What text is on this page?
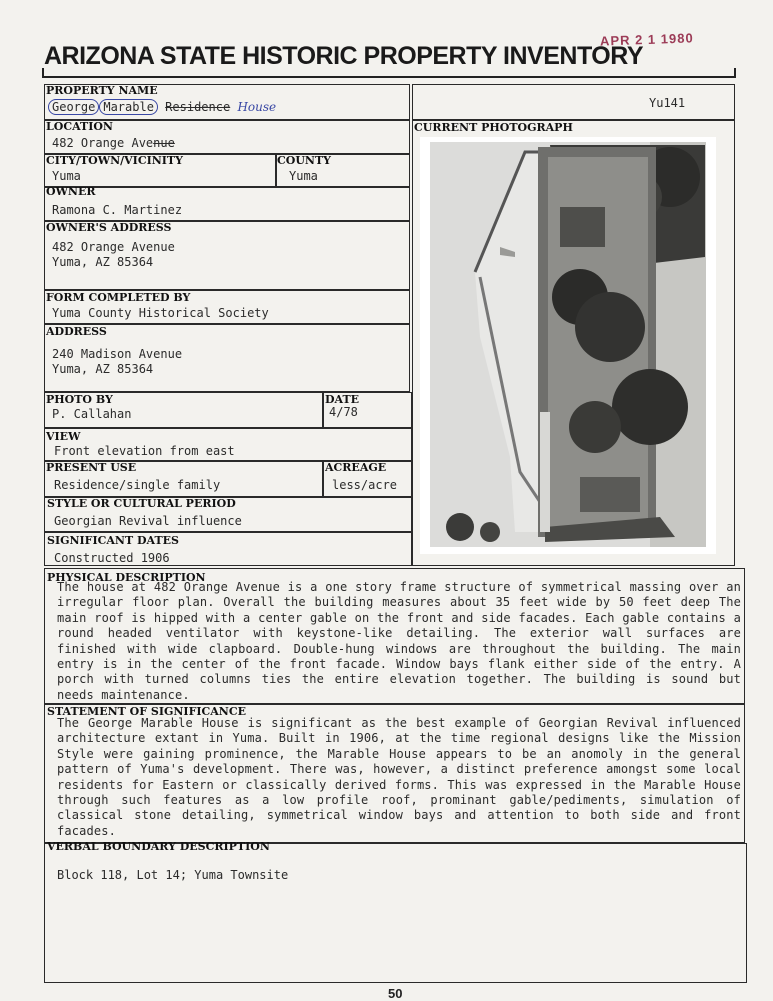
ARIZONA STATE HISTORIC PROPERTY INVENTORY
APR 2 1 1980
PROPERTY NAME
George Marable Residence House	Yu141
LOCATION
482 Orange Avenue
CITY/TOWN/VICINITY
Yuma
COUNTY
Yuma
OWNER
Ramona C. Martinez
OWNER'S ADDRESS
482 Orange Avenue
Yuma, AZ 85364
FORM COMPLETED BY
Yuma County Historical Society
ADDRESS
240 Madison Avenue
Yuma, AZ 85364
PHOTO BY
P. Callahan
DATE
4/78
VIEW
Front elevation from east
PRESENT USE
Residence/single family
ACREAGE
less/acre
STYLE OR CULTURAL PERIOD
Georgian Revival influence
SIGNIFICANT DATES
Constructed 1906
CURRENT PHOTOGRAPH
PHYSICAL DESCRIPTION
The house at 482 Orange Avenue is a one story frame structure of symmetrical massing over an irregular floor plan. Overall the building measures about 35 feet wide by 50 feet deep The main roof is hipped with a center gable on the front and side facades. Each gable contains a round headed ventilator with keystone-like detailing. The exterior wall surfaces are finished with wide clapboard. Double-hung windows are throughout the building. The main entry is in the center of the front facade. Window bays flank either side of the entry. A porch with turned columns ties the entire elevation together. The building is sound but needs maintenance.
STATEMENT OF SIGNIFICANCE
The George Marable House is significant as the best example of Georgian Revival influenced architecture extant in Yuma. Built in 1906, at the time regional designs like the Mission Style were gaining prominence, the Marable House appears to be an anomoly in the general pattern of Yuma's development. There was, however, a distinct preference amongst some local residents for Eastern or classically derived forms. This was expressed in the Marable House through such features as a low profile roof, prominant gable/pediments, simulation of classical stone detailing, symmetrical window bays and attention to both side and front facades.
VERBAL BOUNDARY DESCRIPTION
Block 118, Lot 14; Yuma Townsite
50
